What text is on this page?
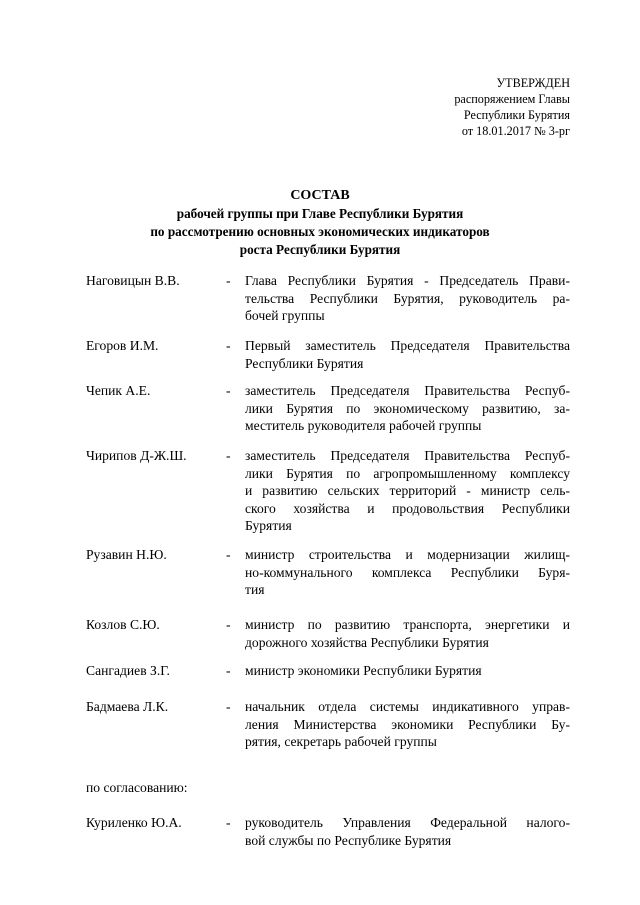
УТВЕРЖДЕН
распоряжением Главы
Республики Бурятия
от 18.01.2017 № 3-рг
СОСТАВ
рабочей группы при Главе Республики Бурятия
по рассмотрению основных экономических индикаторов
роста Республики Бурятия
Наговицын В.В.	- Глава Республики Бурятия - Председатель Прави-
тельства Республики Бурятия, руководитель ра-
бочей группы
Егоров И.М.	- Первый заместитель Председателя Правительства
Республики Бурятия
Чепик А.Е.	- заместитель Председателя Правительства Респуб-
лики Бурятия по экономическому развитию, за-
меститель руководителя рабочей группы
Чирипов Д-Ж.Ш.	- заместитель Председателя Правительства Респуб-
лики Бурятия по агропромышленному комплексу
и развитию сельских территорий - министр сель-
ского хозяйства и продовольствия Республики
Бурятия
Рузавин Н.Ю.	- министр строительства и модернизации жилищ-
но-коммунального комплекса Республики Буря-
тия
Козлов С.Ю.	- министр по развитию транспорта, энергетики и
дорожного хозяйства Республики Бурятия
Сангадиев З.Г.	- министр экономики Республики Бурятия
Бадмаева Л.К.	- начальник отдела системы индикативного управ-
ления Министерства экономики Республики Бу-
рятия, секретарь рабочей группы
по согласованию:
Куриленко Ю.А.	- руководитель Управления Федеральной налого-
вой службы по Республике Бурятия
